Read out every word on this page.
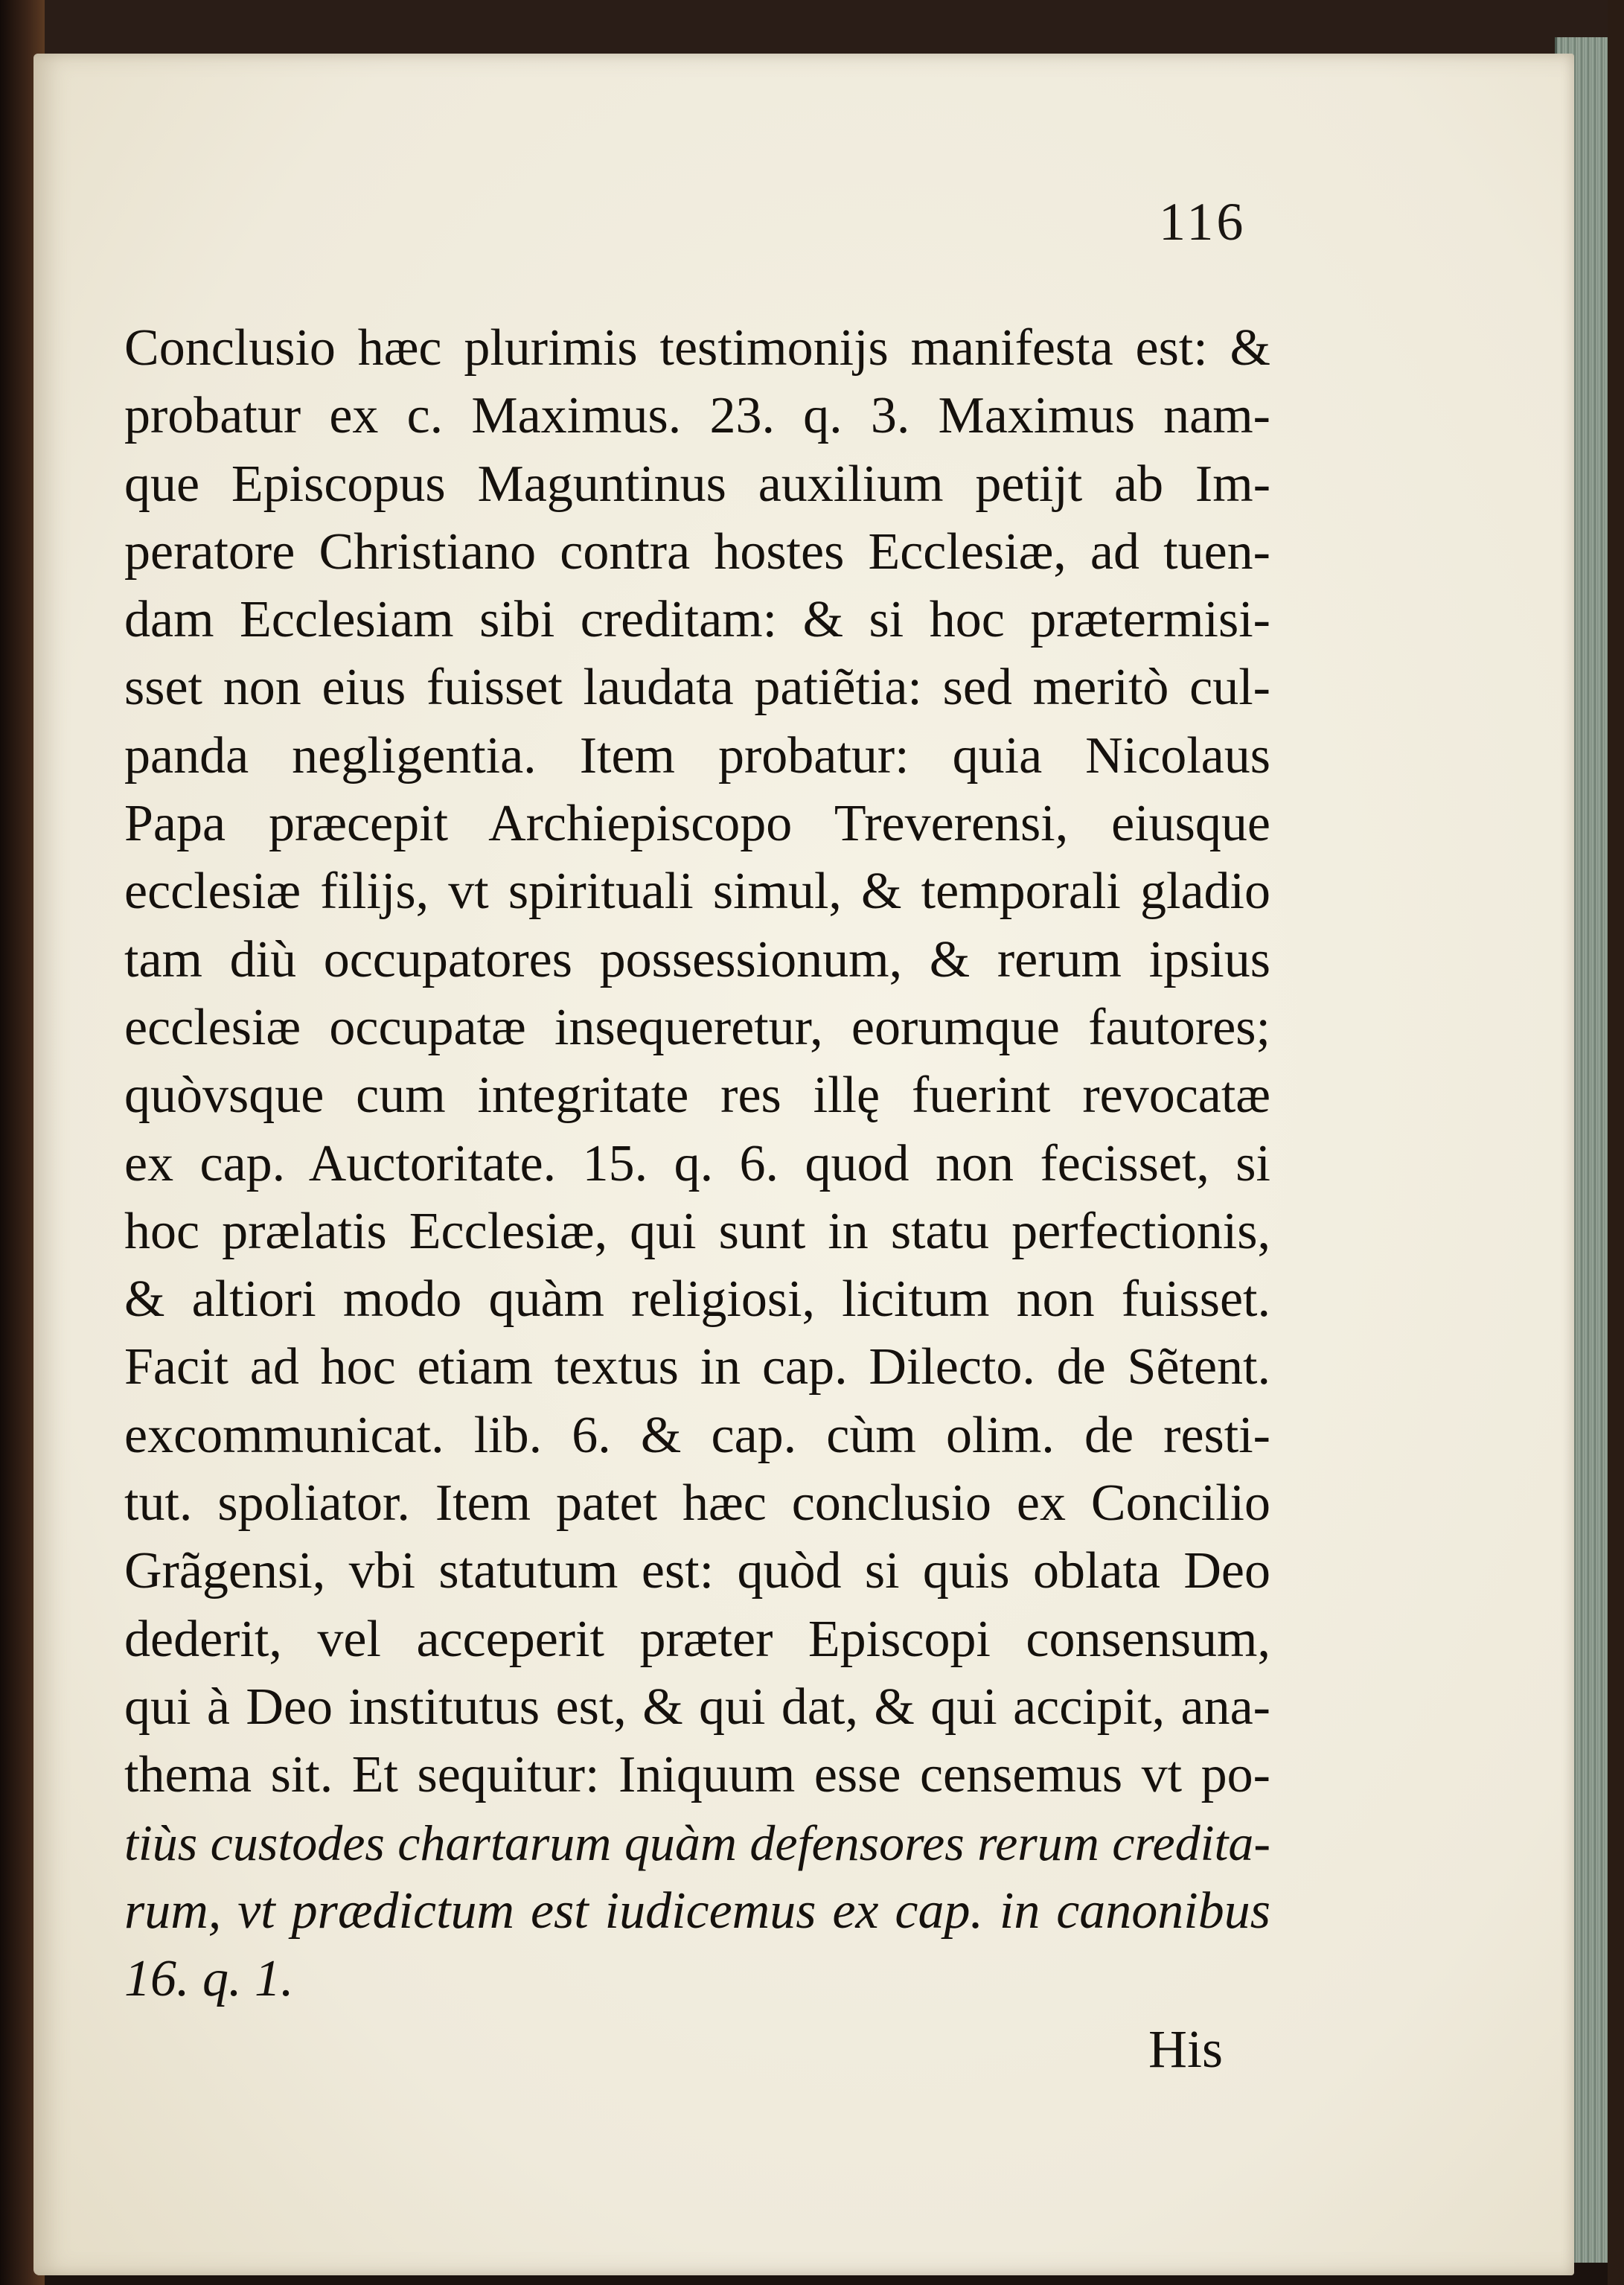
116
Conclusio hæc plurimis testimonijs manifesta est: &
probatur ex c. Maximus. 23. q. 3. Maximus nam-
que Episcopus Maguntinus auxilium petijt ab Im-
peratore Christiano contra hostes Ecclesiæ, ad tuen-
dam Ecclesiam sibi creditam: & si hoc prætermisi-
sset non eius fuisset laudata patiẽtia: sed meritò cul-
panda negligentia. Item probatur: quia Nicolaus
Papa præcepit Archiepiscopo Treverensi, eiusque
ecclesiæ filijs, vt spirituali simul, & temporali gladio
tam diù occupatores possessionum, & rerum ipsius
ecclesiæ occupatæ insequeretur, eorumque fautores;
quòvsque cum integritate res illę fuerint revocatæ
ex cap. Auctoritate. 15. q. 6. quod non fecisset, si
hoc prælatis Ecclesiæ, qui sunt in statu perfectionis,
& altiori modo quàm religiosi, licitum non fuisset.
Facit ad hoc etiam textus in cap. Dilecto. de Sẽtent.
excommunicat. lib. 6. & cap. cùm olim. de resti-
tut. spoliator. Item patet hæc conclusio ex Concilio
Grãgensi, vbi statutum est: quòd si quis oblata Deo
dederit, vel acceperit præter Episcopi consensum,
qui à Deo institutus est, & qui dat, & qui accipit, ana-
thema sit. Et sequitur: Iniquum esse censemus vt po-
tiùs custodes chartarum quàm defensores rerum credita-
rum, vt prædictum est iudicemus ex cap. in canonibus
16. q. 1.
His
